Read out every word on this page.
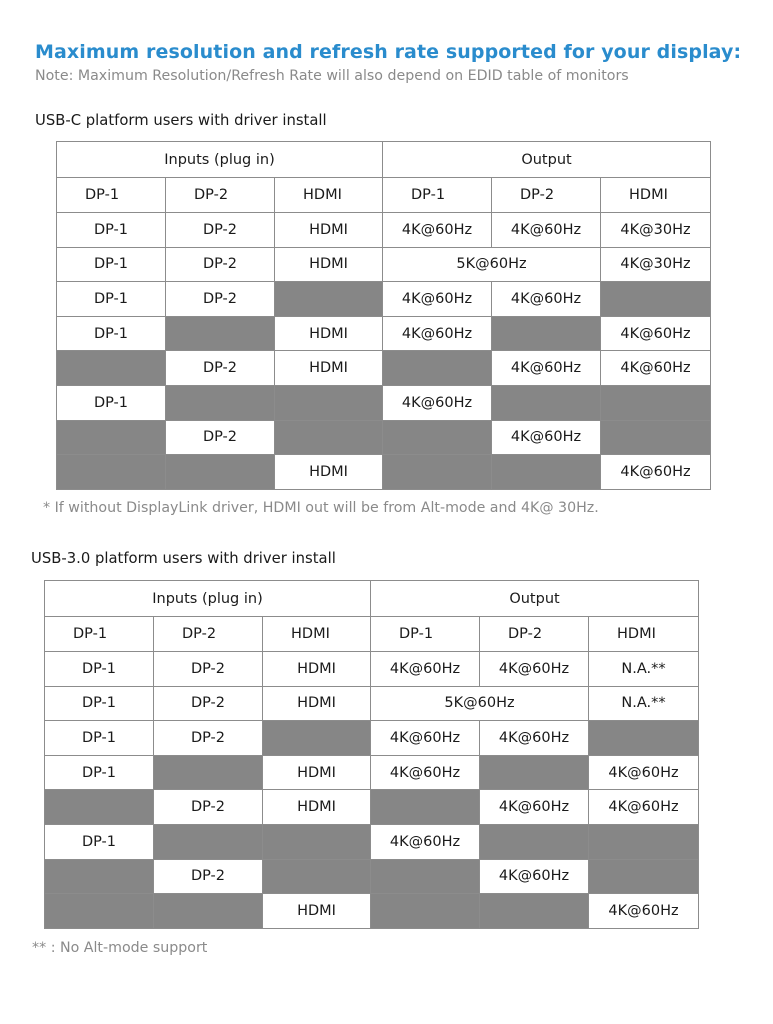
Maximum resolution and refresh rate supported for your display:
Note: Maximum Resolution/Refresh Rate will also depend on EDID table of monitors
USB-C platform users with driver install
Inputs (plug in)			Output		
DP-1	DP-2	HDMI	DP-1	DP-2	HDMI
DP-1	DP-2	HDMI	4K@60Hz	4K@60Hz	4K@30Hz
DP-1	DP-2	HDMI	5K@60Hz		4K@30Hz
DP-1	DP-2		4K@60Hz	4K@60Hz	
DP-1		HDMI	4K@60Hz		4K@60Hz
	DP-2	HDMI		4K@60Hz	4K@60Hz
DP-1			4K@60Hz		
	DP-2			4K@60Hz	
		HDMI			4K@60Hz
* If without DisplayLink driver, HDMI out will be from Alt-mode and 4K@ 30Hz.
USB-3.0 platform users with driver install
Inputs (plug in)			Output		
DP-1	DP-2	HDMI	DP-1	DP-2	HDMI
DP-1	DP-2	HDMI	4K@60Hz	4K@60Hz	N.A.**
DP-1	DP-2	HDMI	5K@60Hz		N.A.**
DP-1	DP-2		4K@60Hz	4K@60Hz	
DP-1		HDMI	4K@60Hz		4K@60Hz
	DP-2	HDMI		4K@60Hz	4K@60Hz
DP-1			4K@60Hz		
	DP-2			4K@60Hz	
		HDMI			4K@60Hz
** : No Alt-mode support
